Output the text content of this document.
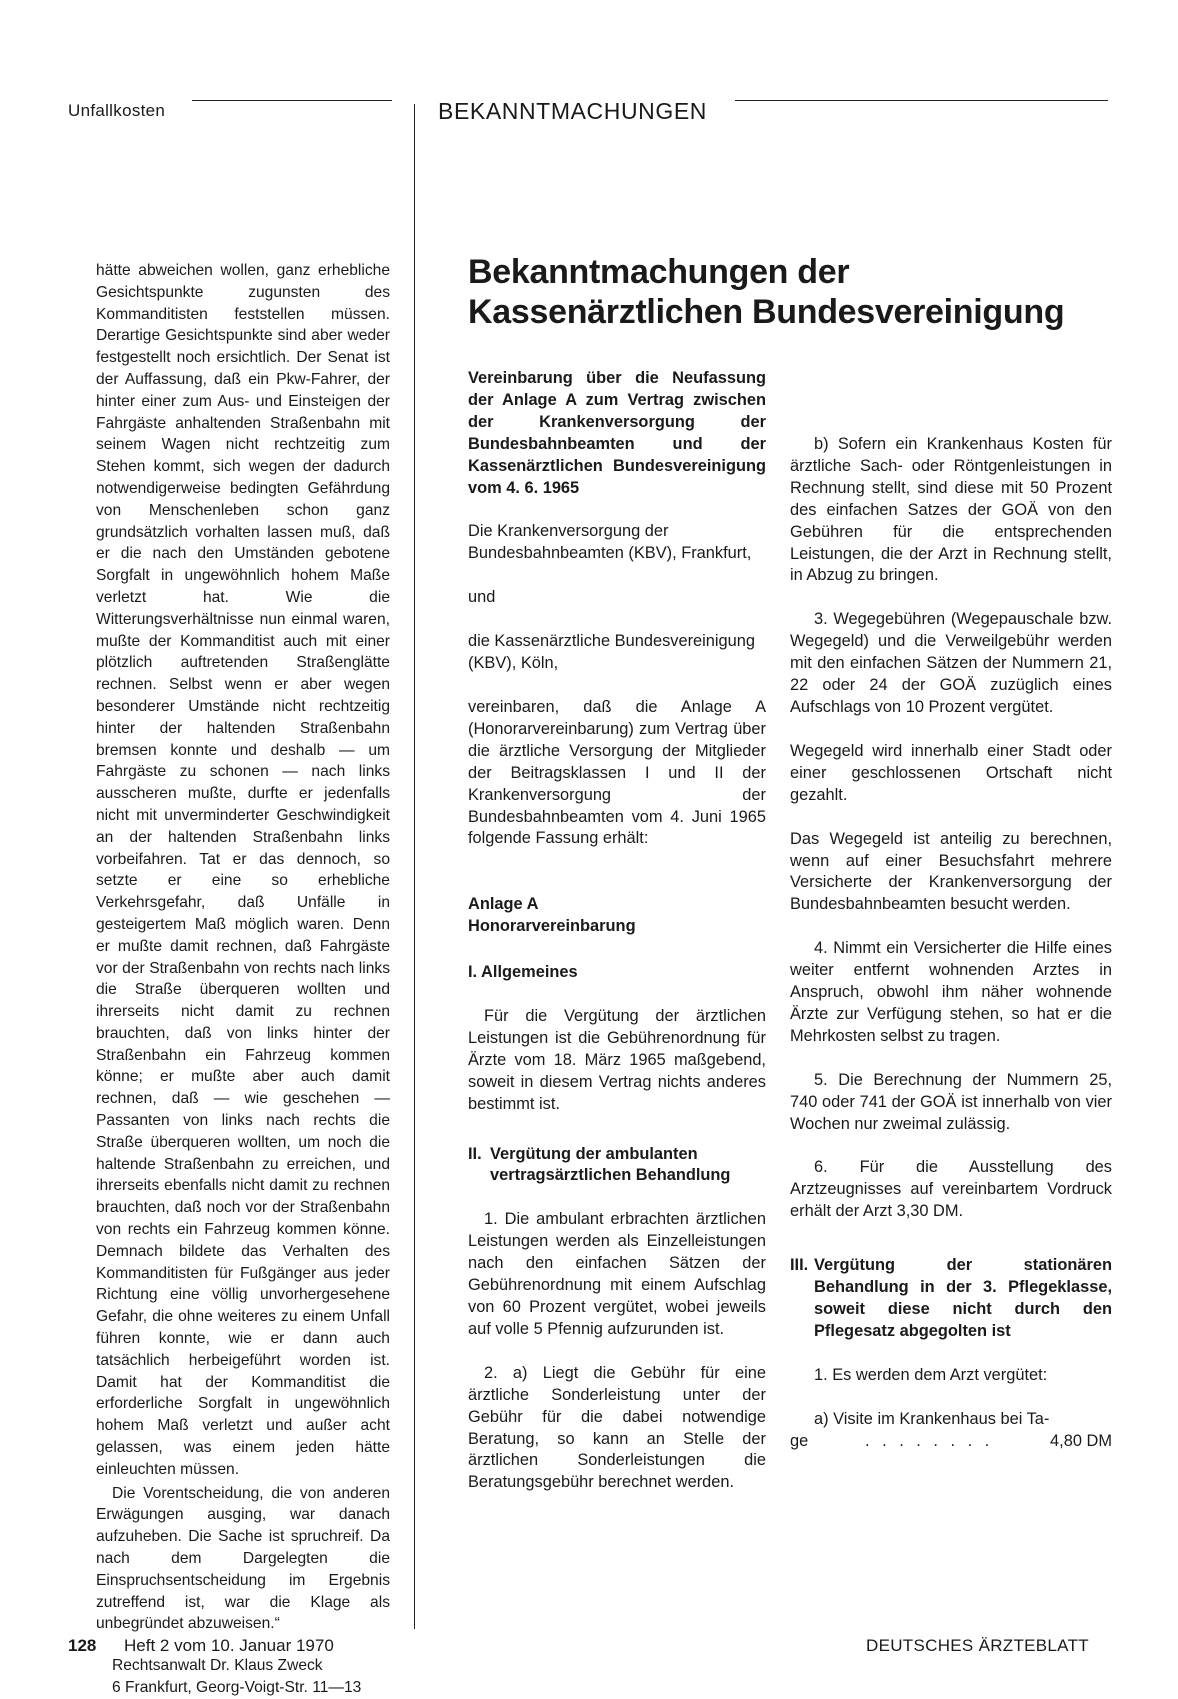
Unfallkosten	BEKANNTMACHUNGEN

hätte abweichen wollen, ganz erhebliche Gesichtspunkte zugunsten des Kommanditisten feststellen müssen. Derartige Gesichtspunkte sind aber weder festgestellt noch ersichtlich. Der Senat ist der Auffassung, daß ein Pkw-Fahrer, der hinter einer zum Aus- und Einsteigen der Fahrgäste anhaltenden Straßenbahn mit seinem Wagen nicht rechtzeitig zum Stehen kommt, sich wegen der dadurch notwendigerweise bedingten Gefährdung von Menschenleben schon ganz grundsätzlich vorhalten lassen muß, daß er die nach den Umständen gebotene Sorgfalt in ungewöhnlich hohem Maße verletzt hat. Wie die Witterungsverhältnisse nun einmal waren, mußte der Kommanditist auch mit einer plötzlich auftretenden Straßenglätte rechnen. Selbst wenn er aber wegen besonderer Umstände nicht rechtzeitig hinter der haltenden Straßenbahn bremsen konnte und deshalb — um Fahrgäste zu schonen — nach links ausscheren mußte, durfte er jedenfalls nicht mit unverminderter Geschwindigkeit an der haltenden Straßenbahn links vorbeifahren. Tat er das dennoch, so setzte er eine so erhebliche Verkehrsgefahr, daß Unfälle in gesteigertem Maß möglich waren. Denn er mußte damit rechnen, daß Fahrgäste vor der Straßenbahn von rechts nach links die Straße überqueren wollten und ihrerseits nicht damit zu rechnen brauchten, daß von links hinter der Straßenbahn ein Fahrzeug kommen könne; er mußte aber auch damit rechnen, daß — wie geschehen — Passanten von links nach rechts die Straße überqueren wollten, um noch die haltende Straßenbahn zu erreichen, und ihrerseits ebenfalls nicht damit zu rechnen brauchten, daß noch vor der Straßenbahn von rechts ein Fahrzeug kommen könne. Demnach bildete das Verhalten des Kommanditisten für Fußgänger aus jeder Richtung eine völlig unvorhergesehene Gefahr, die ohne weiteres zu einem Unfall führen konnte, wie er dann auch tatsächlich herbeigeführt worden ist. Damit hat der Kommanditist die erforderliche Sorgfalt in ungewöhnlich hohem Maß verletzt und außer acht gelassen, was einem jeden hätte einleuchten müssen.

Die Vorentscheidung, die von anderen Erwägungen ausging, war danach aufzuheben. Die Sache ist spruchreif. Da nach dem Dargelegten die Einspruchsentscheidung im Ergebnis zutreffend ist, war die Klage als unbegründet abzuweisen.“

Rechtsanwalt Dr. Klaus Zweck

6 Frankfurt, Georg-Voigt-Str. 11—13

Bekanntmachungen der
Kassenärztlichen Bundesvereinigung

Vereinbarung über die Neufassung der Anlage A zum Vertrag zwischen der Krankenversorgung der Bundesbahnbeamten und der Kassenärztlichen Bundesvereinigung vom 4. 6. 1965

Die Krankenversorgung der Bundesbahnbeamten (KBV), Frankfurt,

und

die Kassenärztliche Bundesvereinigung (KBV), Köln,

vereinbaren, daß die Anlage A (Honorarvereinbarung) zum Vertrag über die ärztliche Versorgung der Mitglieder der Beitragsklassen I und II der Krankenversorgung der Bundesbahnbeamten vom 4. Juni 1965 folgende Fassung erhält:

Anlage A

Honorarvereinbarung

I. Allgemeines

Für die Vergütung der ärztlichen Leistungen ist die Gebührenordnung für Ärzte vom 18. März 1965 maßgebend, soweit in diesem Vertrag nichts anderes bestimmt ist.

II. Vergütung der ambulanten vertragsärztlichen Behandlung

1. Die ambulant erbrachten ärztlichen Leistungen werden als Einzelleistungen nach den einfachen Sätzen der Gebührenordnung mit einem Aufschlag von 60 Prozent vergütet, wobei jeweils auf volle 5 Pfennig aufzurunden ist.

2. a) Liegt die Gebühr für eine ärztliche Sonderleistung unter der Gebühr für die dabei notwendige Beratung, so kann an Stelle der ärztlichen Sonderleistungen die Beratungsgebühr berechnet werden.

b) Sofern ein Krankenhaus Kosten für ärztliche Sach- oder Röntgenleistungen in Rechnung stellt, sind diese mit 50 Prozent des einfachen Satzes der GOÄ von den Gebühren für die entsprechenden Leistungen, die der Arzt in Rechnung stellt, in Abzug zu bringen.

3. Wegegebühren (Wegepauschale bzw. Wegegeld) und die Verweilgebühr werden mit den einfachen Sätzen der Nummern 21, 22 oder 24 der GOÄ zuzüglich eines Aufschlags von 10 Prozent vergütet.

Wegegeld wird innerhalb einer Stadt oder einer geschlossenen Ortschaft nicht gezahlt.

Das Wegegeld ist anteilig zu berechnen, wenn auf einer Besuchsfahrt mehrere Versicherte der Krankenversorgung der Bundesbahnbeamten besucht werden.

4. Nimmt ein Versicherter die Hilfe eines weiter entfernt wohnenden Arztes in Anspruch, obwohl ihm näher wohnende Ärzte zur Verfügung stehen, so hat er die Mehrkosten selbst zu tragen.

5. Die Berechnung der Nummern 25, 740 oder 741 der GOÄ ist innerhalb von vier Wochen nur zweimal zulässig.

6. Für die Ausstellung des Arztzeugnisses auf vereinbartem Vordruck erhält der Arzt 3,30 DM.

III. Vergütung der stationären Behandlung in der 3. Pflegeklasse, soweit diese nicht durch den Pflegesatz abgegolten ist

1. Es werden dem Arzt vergütet:

a) Visite im Krankenhaus bei Ta-

ge	. . . . . . . .	4,80 DM
128 Heft 2 vom 10. Januar 1970	DEUTSCHES ÄRZTEBLATT
